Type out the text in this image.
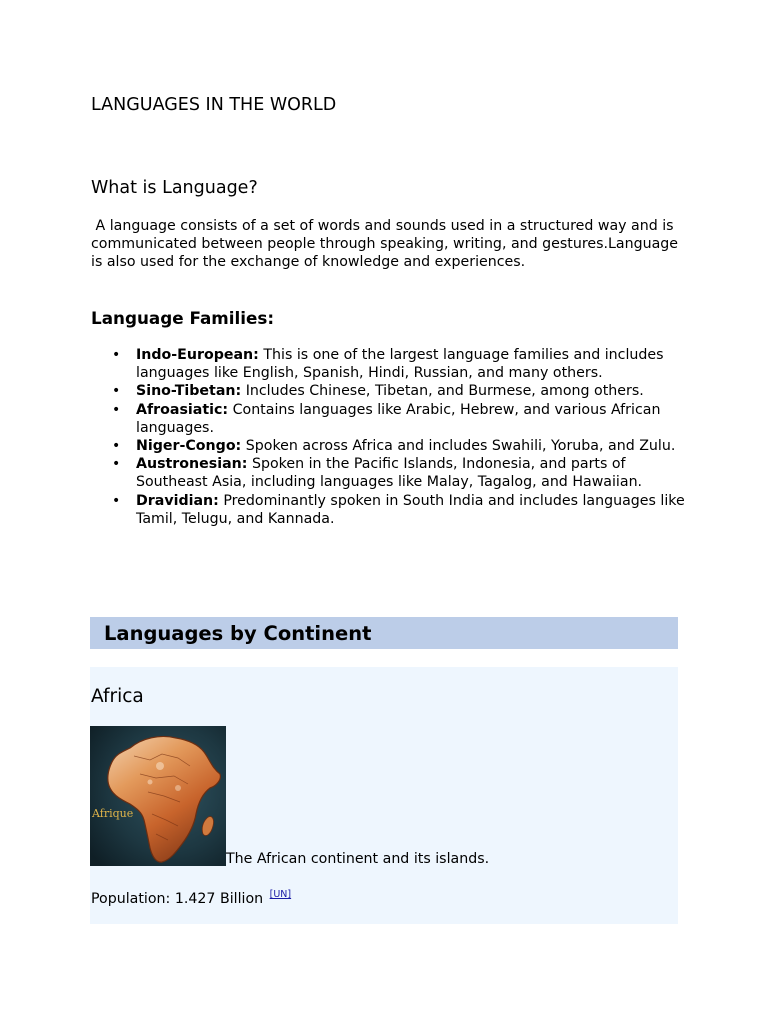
LANGUAGES IN THE WORLD
What is Language?

A language consists of a set of words and sounds used in a structured way and is communicated between people through speaking, writing, and gestures.Language is also used for the exchange of knowledge and experiences.

Language Families:
• Indo-European: This is one of the largest language families and includes languages like English, Spanish, Hindi, Russian, and many others.
• Sino-Tibetan: Includes Chinese, Tibetan, and Burmese, among others.
• Afroasiatic: Contains languages like Arabic, Hebrew, and various African languages.
• Niger-Congo: Spoken across Africa and includes Swahili, Yoruba, and Zulu.
• Austronesian: Spoken in the Pacific Islands, Indonesia, and parts of Southeast Asia, including languages like Malay, Tagalog, and Hawaiian.
• Dravidian: Predominantly spoken in South India and includes languages like Tamil, Telugu, and Kannada.
Languages by Continent
Africa
Afrique

The African continent and its islands.

Population: 1.427 Billion [UN]
